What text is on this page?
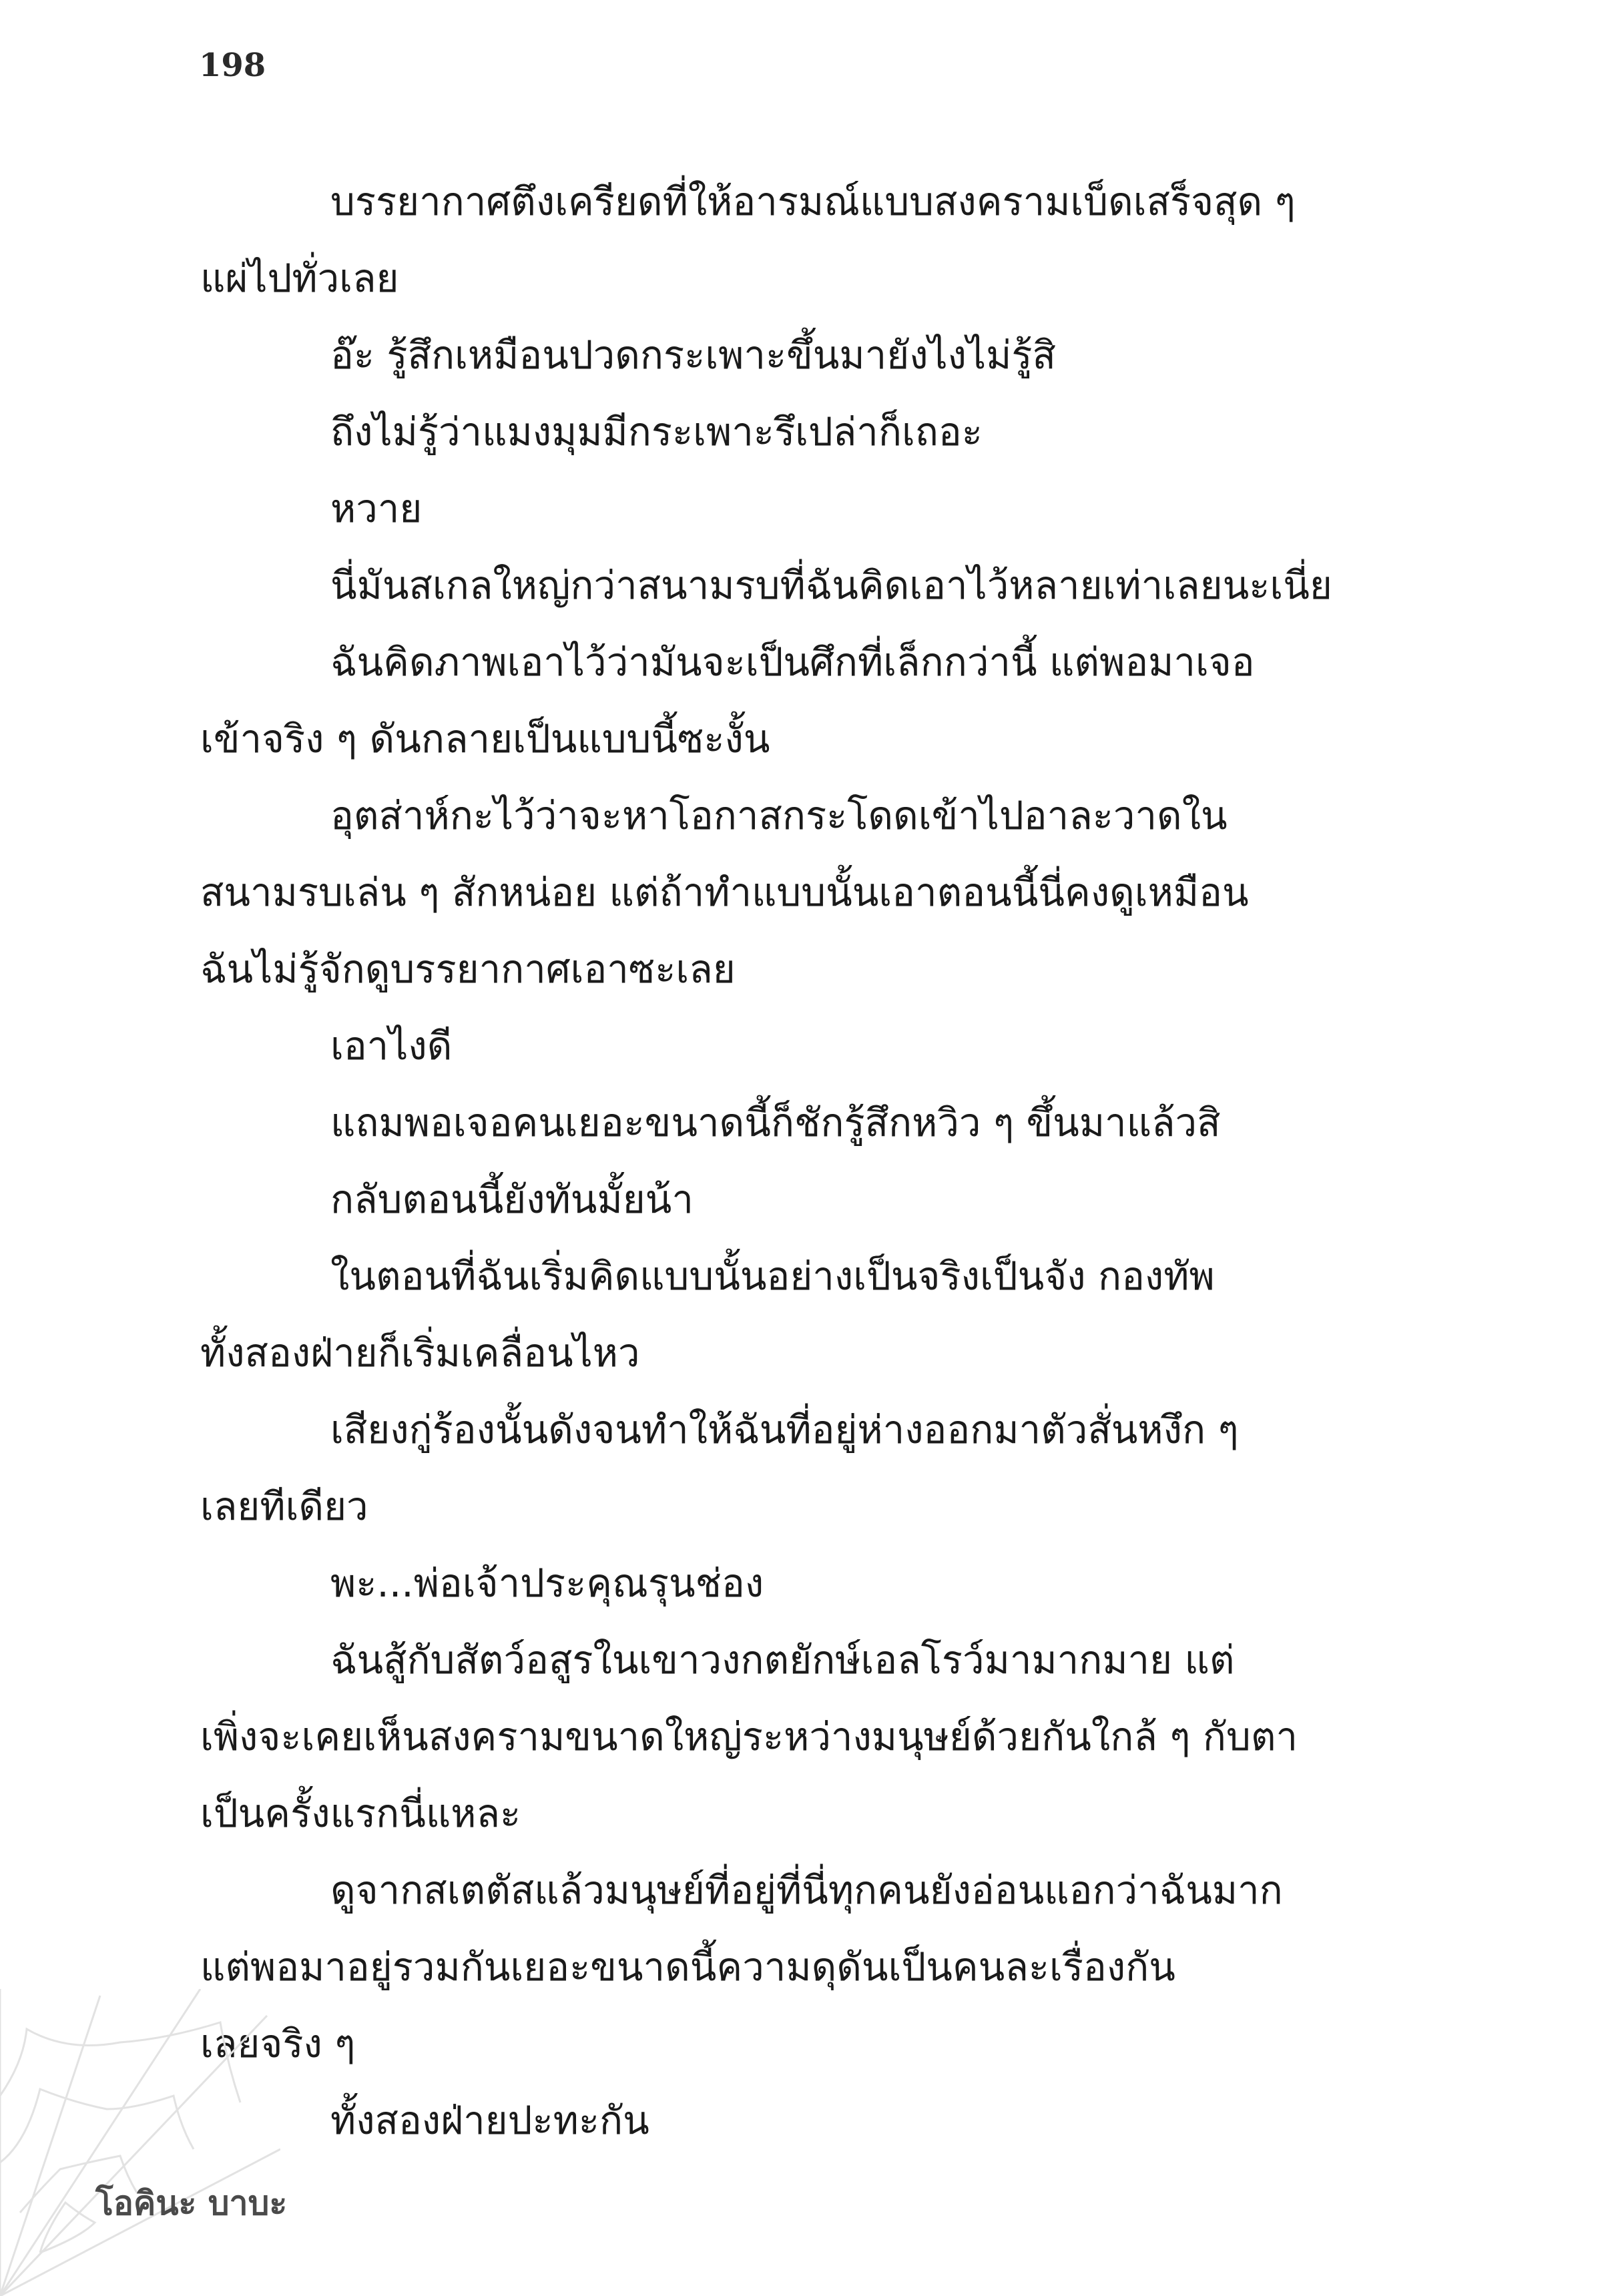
198
บรรยากาศตึงเครียดที่ให้อารมณ์แบบสงครามเบ็ดเสร็จสุด ๆ
แผ่ไปทั่วเลย
อ๊ะ รู้สึกเหมือนปวดกระเพาะขึ้นมายังไงไม่รู้สิ
ถึงไม่รู้ว่าแมงมุมมีกระเพาะรึเปล่าก็เถอะ
หวาย
นี่มันสเกลใหญ่กว่าสนามรบที่ฉันคิดเอาไว้หลายเท่าเลยนะเนี่ย
ฉันคิดภาพเอาไว้ว่ามันจะเป็นศึกที่เล็กกว่านี้ แต่พอมาเจอ
เข้าจริง ๆ ดันกลายเป็นแบบนี้ซะงั้น
อุตส่าห์กะไว้ว่าจะหาโอกาสกระโดดเข้าไปอาละวาดใน
สนามรบเล่น ๆ สักหน่อย แต่ถ้าทำแบบนั้นเอาตอนนี้นี่คงดูเหมือน
ฉันไม่รู้จักดูบรรยากาศเอาซะเลย
เอาไงดี
แถมพอเจอคนเยอะขนาดนี้ก็ชักรู้สึกหวิว ๆ ขึ้นมาแล้วสิ
กลับตอนนี้ยังทันมั้ยน้า
ในตอนที่ฉันเริ่มคิดแบบนั้นอย่างเป็นจริงเป็นจัง กองทัพ
ทั้งสองฝ่ายก็เริ่มเคลื่อนไหว
เสียงกู่ร้องนั้นดังจนทำให้ฉันที่อยู่ห่างออกมาตัวสั่นหงึก ๆ
เลยทีเดียว
พะ...พ่อเจ้าประคุณรุนช่อง
ฉันสู้กับสัตว์อสูรในเขาวงกตยักษ์เอลโรว์มามากมาย แต่
เพิ่งจะเคยเห็นสงครามขนาดใหญ่ระหว่างมนุษย์ด้วยกันใกล้ ๆ กับตา
เป็นครั้งแรกนี่แหละ
ดูจากสเตตัสแล้วมนุษย์ที่อยู่ที่นี่ทุกคนยังอ่อนแอกว่าฉันมาก
แต่พอมาอยู่รวมกันเยอะขนาดนี้ความดุดันเป็นคนละเรื่องกัน
เลยจริง ๆ
ทั้งสองฝ่ายปะทะกัน
โอคินะ บาบะ
